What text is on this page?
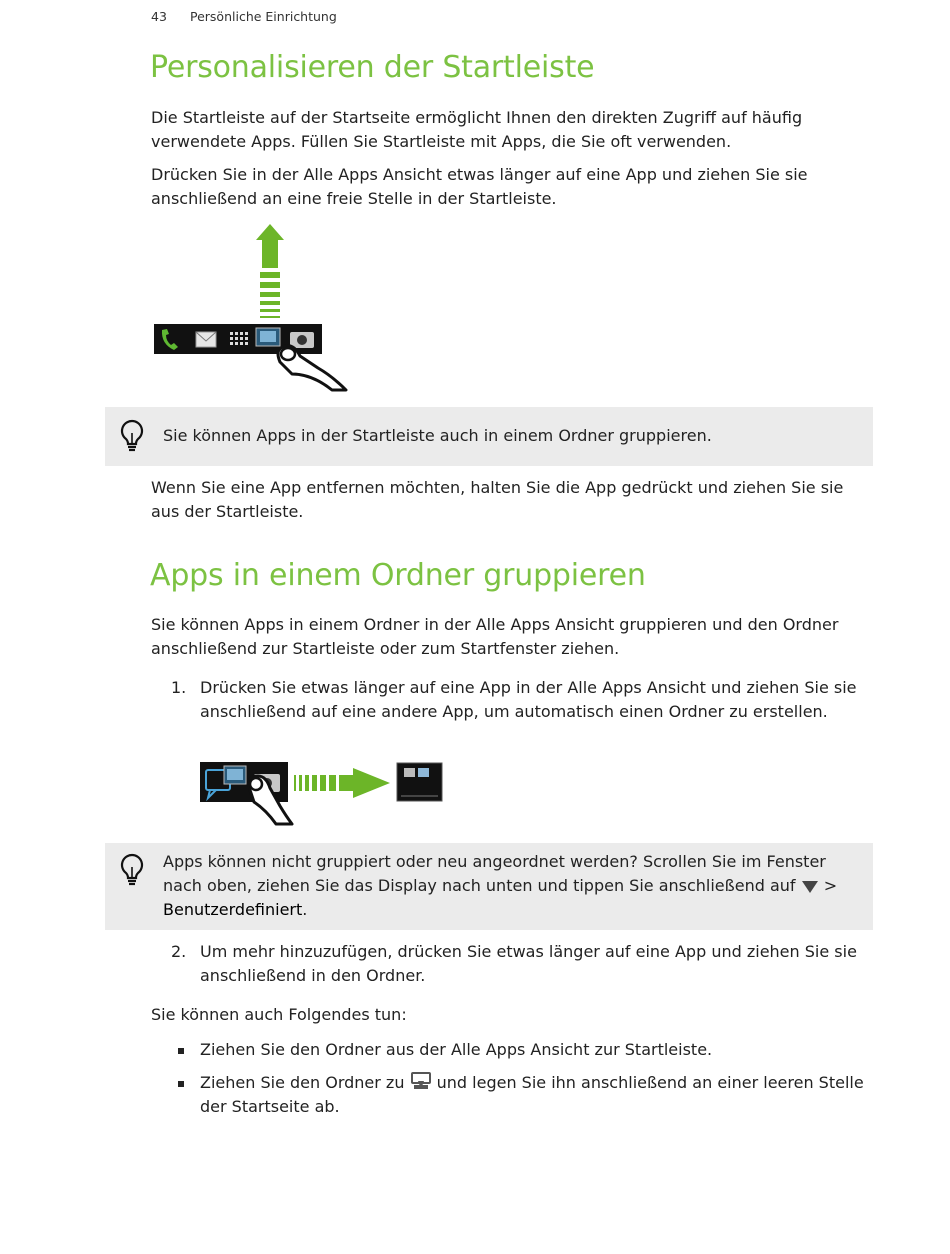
43 Persönliche Einrichtung
Personalisieren der Startleiste

Die Startleiste auf der Startseite ermöglicht Ihnen den direkten Zugriff auf häufig verwendete Apps. Füllen Sie Startleiste mit Apps, die Sie oft verwenden.

Drücken Sie in der Alle Apps Ansicht etwas länger auf eine App und ziehen Sie sie anschließend an eine freie Stelle in der Startleiste.

Sie können Apps in der Startleiste auch in einem Ordner gruppieren.

Wenn Sie eine App entfernen möchten, halten Sie die App gedrückt und ziehen Sie sie aus der Startleiste.

Apps in einem Ordner gruppieren

Sie können Apps in einem Ordner in der Alle Apps Ansicht gruppieren und den Ordner anschließend zur Startleiste oder zum Startfenster ziehen.

1. Drücken Sie etwas länger auf eine App in der Alle Apps Ansicht und ziehen Sie sie anschließend auf eine andere App, um automatisch einen Ordner zu erstellen.
Apps können nicht gruppiert oder neu angeordnet werden? Scrollen Sie im Fenster nach oben, ziehen Sie das Display nach unten und tippen Sie anschließend auf >
Benutzerdefiniert.
2. Um mehr hinzuzufügen, drücken Sie etwas länger auf eine App und ziehen Sie sie anschließend in den Ordner.

Sie können auch Folgendes tun:

Ziehen Sie den Ordner aus der Alle Apps Ansicht zur Startleiste.
Ziehen Sie den Ordner zu und legen Sie ihn anschließend an einer leeren Stelle der Startseite ab.
